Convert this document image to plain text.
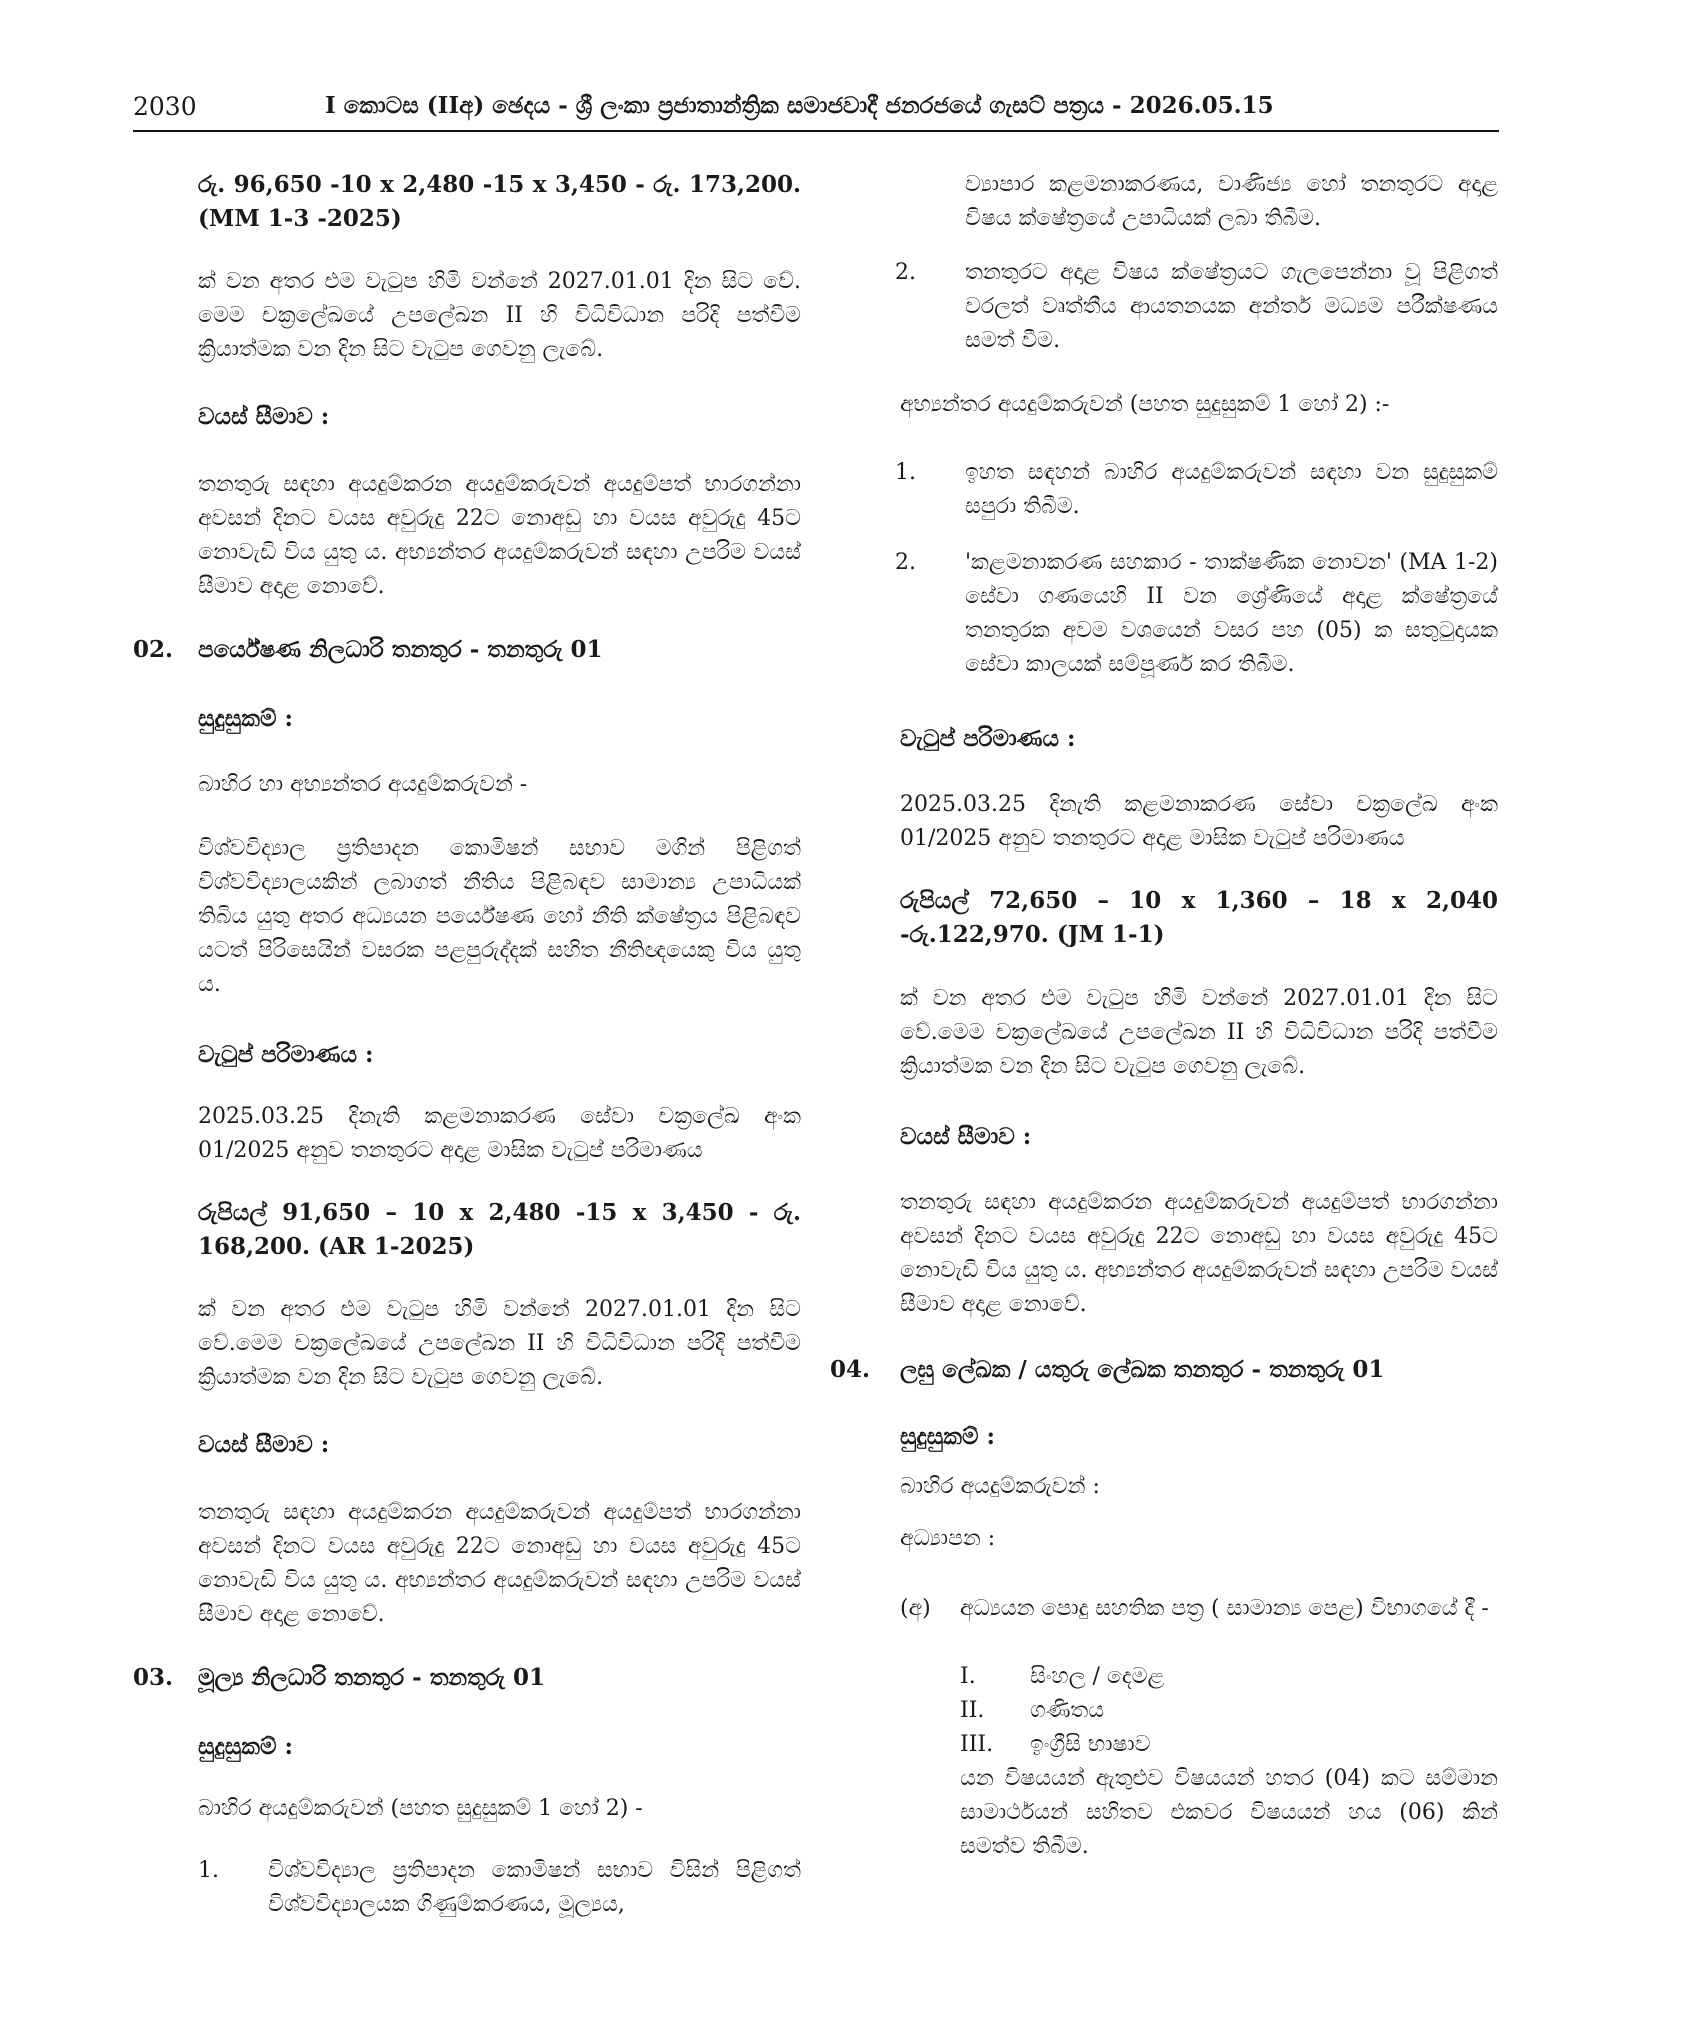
2030	I කොටස (IIඅ) ඡෙදය - ශ්‍රී ලංකා ප්‍රජාතාන්ත්‍රික සමාජවාදී ජනරජයේ ගැසට් පත්‍රය - 2026.05.15
රු. 96,650 -10 x 2,480 -15 x 3,450 - රු. 173,200. (MM 1-3 -2025)
ක් වන අතර එම වැටුප හිමි වන්නේ 2027.01.01 දින සිට වේ. මෙම චක්‍රලේඛයේ උපලේඛන II හි විධිවිධාන පරිදි පත්වීම ක්‍රියාත්මක වන දින සිට වැටුප ගෙවනු ලැබේ.
වයස් සීමාව :
තනතුරු සඳහා අයදුම්කරන අයදුම්කරුවන් අයදුම්පත් භාරගන්නා අවසන් දිනට වයස අවුරුදු 22ට නොඅඩු හා වයස අවුරුදු 45ට නොවැඩි විය යුතු ය. අභ්‍යන්තර අයදුම්කරුවන් සඳහා උපරිම වයස් සීමාව අදාළ නොවේ.
02. පර්යේෂණ නිලධාරි තනතුර - තනතුරු 01
සුදුසුකම් :
බාහිර හා අභ්‍යන්තර අයදුම්කරුවන් -
විශ්වවිද්‍යාල ප්‍රතිපාදන කොමිෂන් සභාව මගින් පිළිගත් විශ්වවිද්‍යාලයකින් ලබාගත් නීතිය පිළිබඳව සාමාන්‍ය උපාධියක් තිබිය යුතු අතර අධ්‍යයන පර්යේෂණ හෝ නීති ක්ෂේත්‍රය පිළිබඳව යටත් පිරිසෙයින් වසරක පළපුරුද්දක් සහිත නීතිඥයෙකු විය යුතු ය.
වැටුප් පරිමාණය :
2025.03.25 දිනැති කළමනාකරණ සේවා චක්‍රලේඛ අංක 01/2025 අනුව තනතුරට අදාළ මාසික වැටුප් පරිමාණය
රුපියල් 91,650 – 10 x 2,480 -15 x 3,450 - රු. 168,200. (AR 1-2025)
ක් වන අතර එම වැටුප හිමි වන්නේ 2027.01.01 දින සිට වේ.මෙම චක්‍රලේඛයේ උපලේඛන II හි විධිවිධාන පරිදි පත්වීම ක්‍රියාත්මක වන දින සිට වැටුප ගෙවනු ලැබේ.
වයස් සීමාව :
තනතුරු සඳහා අයදුම්කරන අයදුම්කරුවන් අයදුම්පත් භාරගන්නා අවසන් දිනට වයස අවුරුදු 22ට නොඅඩු හා වයස අවුරුදු 45ට නොවැඩි විය යුතු ය. අභ්‍යන්තර අයදුම්කරුවන් සඳහා උපරිම වයස් සීමාව අදාළ නොවේ.
03. මූල්‍ය නිලධාරි තනතුර - තනතුරු 01
සුදුසුකම් :
බාහිර අයදුම්කරුවන් (පහත සුදුසුකම් 1 හෝ 2) -
1. විශ්වවිද්‍යාල ප්‍රතිපාදන කොමිෂන් සභාව විසින් පිළිගත් විශ්වවිද්‍යාලයක ගිණුම්කරණය, මූල්‍යය,
ව්‍යාපාර කළමනාකරණය, වාණිජ්‍ය හෝ තනතුරට අදාළ විෂය ක්ෂේත්‍රයේ උපාධියක් ලබා තිබීම.
2. තනතුරට අදාළ විෂය ක්ෂේත්‍රයට ගැලපෙන්නා වූ පිළිගත් වරලත් වෘත්තීය ආයතනයක අන්තර් මධ්‍යම පරීක්ෂණය සමත් වීම.
අභ්‍යන්තර අයදුම්කරුවන් (පහත සුදුසුකම් 1 හෝ 2) :-
1. ඉහත සඳහන් බාහිර අයදුම්කරුවන් සඳහා වන සුදුසුකම් සපුරා තිබීම.
2. 'කළමනාකරණ සහකාර - තාක්ෂණික නොවන' (MA 1-2) සේවා ගණයෙහි II වන ශ්‍රේණියේ අදාළ ක්ෂේත්‍රයේ තනතුරක අවම වශයෙන් වසර පහ (05) ක සතුටුදායක සේවා කාලයක් සම්පූර්ණ කර තිබීම.
වැටුප් පරිමාණය :
2025.03.25 දිනැති කළමනාකරණ සේවා චක්‍රලේඛ අංක 01/2025 අනුව තනතුරට අදාළ මාසික වැටුප් පරිමාණය
රුපියල් 72,650 – 10 x 1,360 – 18 x 2,040 -රු.122,970. (JM 1-1)
ක් වන අතර එම වැටුප හිමි වන්නේ 2027.01.01 දින සිට වේ.මෙම චක්‍රලේඛයේ උපලේඛන II හි විධිවිධාන පරිදි පත්වීම ක්‍රියාත්මක වන දින සිට වැටුප ගෙවනු ලැබේ.
වයස් සීමාව :
තනතුරු සඳහා අයදුම්කරන අයදුම්කරුවන් අයදුම්පත් භාරගන්නා අවසන් දිනට වයස අවුරුදු 22ට නොඅඩු හා වයස අවුරුදු 45ට නොවැඩි විය යුතු ය. අභ්‍යන්තර අයදුම්කරුවන් සඳහා උපරිම වයස් සීමාව අදාළ නොවේ.
04. ලඝු ලේඛක / යතුරු ලේඛක තනතුර - තනතුරු 01
සුදුසුකම් :
බාහිර අයදුම්කරුවන් :
අධ්‍යාපන :
(අ) අධ්‍යයන පොදු සහතික පත්‍ර ( සාමාන්‍ය පෙළ) විභාගයේ දී -
I. සිංහල / දෙමළ
II. ගණිතය
III. ඉංග්‍රීසි භාෂාව
යන විෂයයන් ඇතුළුව විෂයයන් හතර (04) කට සම්මාන සාමාර්ථයන් සහිතව එකවර විෂයයන් හය (06) කින් සමත්ව තිබීම.
